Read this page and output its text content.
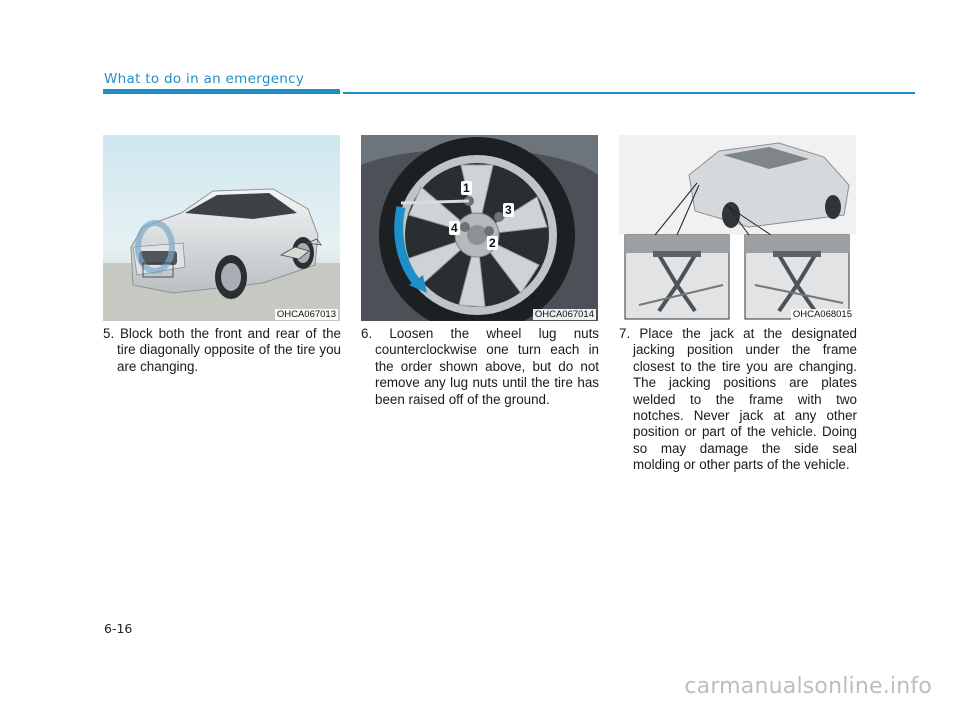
What to do in an emergency
OHCA067013
1
2
3
4
OHCA067014	OHCA068015
5. Block both the front and rear of the tire diagonally opposite of the tire you are changing.
6. Loosen the wheel lug nuts counterclockwise one turn each in the order shown above, but do not remove any lug nuts until the tire has been raised off of the ground.
7. Place the jack at the designated jacking position under the frame closest to the tire you are changing. The jacking positions are plates welded to the frame with two notches. Never jack at any other position or part of the vehicle. Doing so may damage the side seal molding or other parts of the vehicle.
6-16
carmanualsonline.info
